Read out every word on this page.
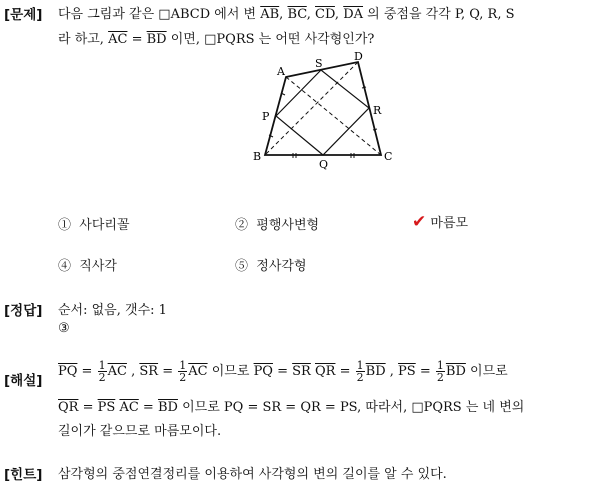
[문제] 다음 그림과 같은 □ABCD 에서 변 $\overline{AB}$, $\overline{BC}$, $\overline{CD}$, $\overline{DA}$ 의 중점을 각각 P, Q, R, S
라 하고, $\overline{AC} = \overline{BD}$ 이면, □PQRS 는 어떤 사각형인가?
A
S
D
P	R
B
Q
C
① 사다리꼴	② 평행사변형	✔ 마름모
④ 직사각	⑤ 정사각형
[정답] 순서: 없음, 갯수: 1
③
[해설]
$\overline{PQ} = \frac{1}{2} \overline{AC}$ , $\overline{SR} = \frac{1}{2} \overline{AC}$ 이므로 $\overline{PQ} = \overline{SR}$ $\overline{QR} = \frac{1}{2} \overline{BD}$ , $\overline{PS} = \frac{1}{2} \overline{BD}$ 이므로
$\overline{QR} = \overline{PS}$ $\overline{AC} = \overline{BD}$ 이므로 PQ = SR = QR = PS, 따라서, □PQRS 는 네 변의
길이가 같으므로 마름모이다.
[힌트] 삼각형의 중점연결정리를 이용하여 사각형의 변의 길이를 알 수 있다.
